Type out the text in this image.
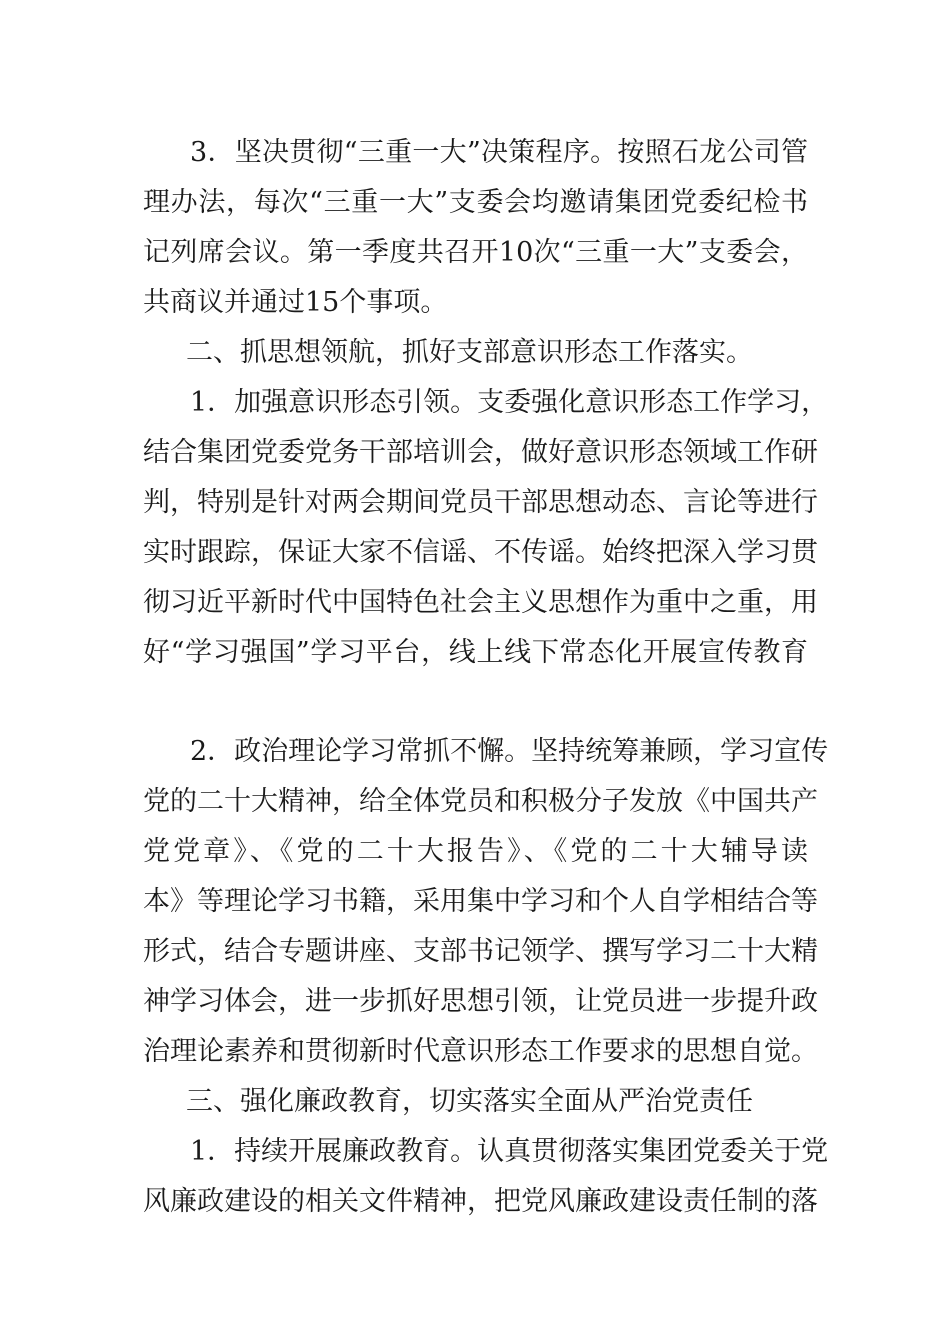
3．坚决贯彻“三重一大”决策程序。按照石龙公司管
理办法，每次“三重一大”支委会均邀请集团党委纪检书
记列席会议。第一季度共召开10次“三重一大”支委会，
共商议并通过15个事项。
二、抓思想领航，抓好支部意识形态工作落实。
1．加强意识形态引领。支委强化意识形态工作学习，
结合集团党委党务干部培训会，做好意识形态领域工作研
判，特别是针对两会期间党员干部思想动态、言论等进行
实时跟踪，保证大家不信谣、不传谣。始终把深入学习贯
彻习近平新时代中国特色社会主义思想作为重中之重，用
好“学习强国”学习平台，线上线下常态化开展宣传教育
2．政治理论学习常抓不懈。坚持统筹兼顾，学习宣传
党的二十大精神，给全体党员和积极分子发放《中国共产
党党章》、《党的二十大报告》、《党的二十大辅导读
本》等理论学习书籍，采用集中学习和个人自学相结合等
形式，结合专题讲座、支部书记领学、撰写学习二十大精
神学习体会，进一步抓好思想引领，让党员进一步提升政
治理论素养和贯彻新时代意识形态工作要求的思想自觉。
三、强化廉政教育，切实落实全面从严治党责任
1．持续开展廉政教育。认真贯彻落实集团党委关于党
风廉政建设的相关文件精神，把党风廉政建设责任制的落
